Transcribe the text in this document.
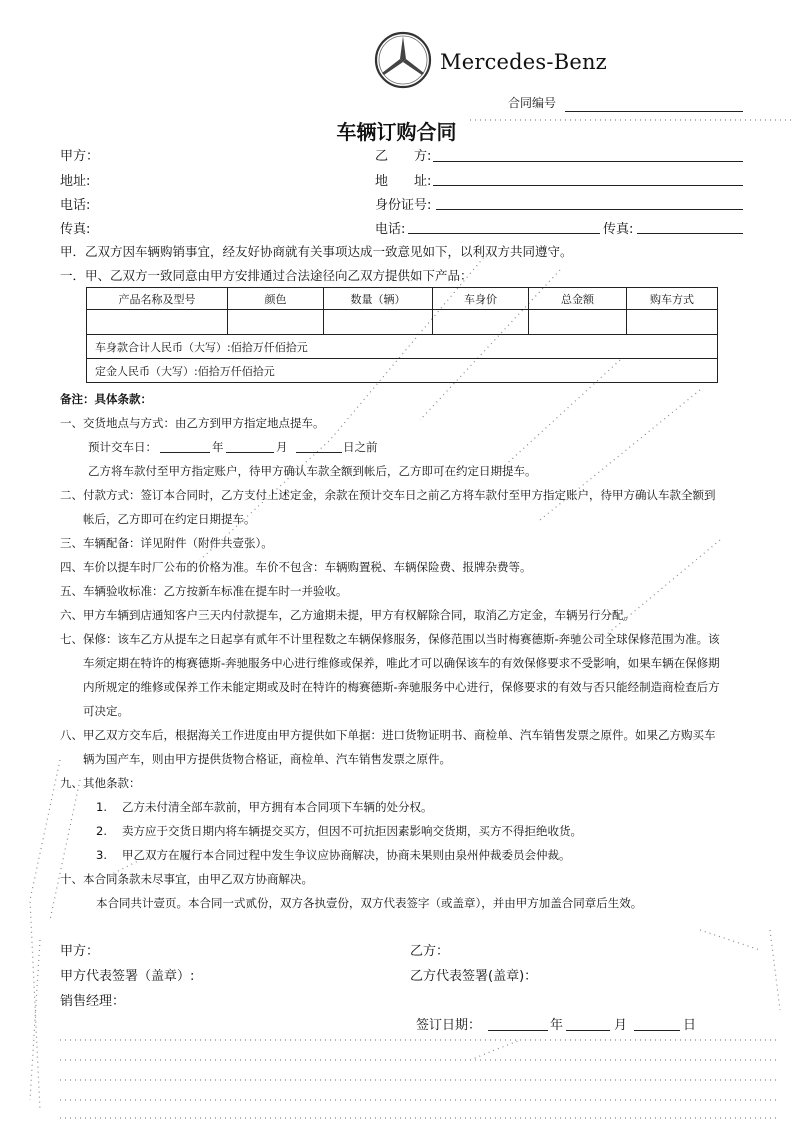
Mercedes-Benz
合同编号
车辆订购合同
甲方：	乙　　方:
地址:	地　　址:
电话:	身份证号:
传真:	电话:	传真:
甲．乙双方因车辆购销事宜，经友好协商就有关事项达成一致意见如下，以利双方共同遵守。
一．甲、乙双方一致同意由甲方安排通过合法途径向乙双方提供如下产品：
产品名称及型号	颜色	数量（辆）	车身价	总金额	购车方式

车身款合计人民币（大写）:佰拾万仟佰拾元					
定金人民币（大写）:佰拾万仟佰拾元					
备注：具体条款：
一、交货地点与方式：由乙方到甲方指定地点提车。
预计交车日：	年	月	日之前
乙方将车款付至甲方指定账户，待甲方确认车款全额到帐后，乙方即可在约定日期提车。
二、付款方式：签订本合同时，乙方支付上述定金，余款在预计交车日之前乙方将车款付至甲方指定账户，待甲方确认车款全额到
帐后，乙方即可在约定日期提车。
三、车辆配备：详见附件（附件共壹张）。
四、车价以提车时厂公布的价格为准。车价不包含：车辆购置税、车辆保险费、报牌杂费等。
五、车辆验收标准：乙方按新车标准在提车时一并验收。
六、甲方车辆到店通知客户三天内付款提车，乙方逾期未提，甲方有权解除合同，取消乙方定金，车辆另行分配。
七、保修：该车乙方从提车之日起享有贰年不计里程数之车辆保修服务，保修范围以当时梅赛德斯-奔驰公司全球保修范围为准。该
车须定期在特许的梅赛德斯-奔驰服务中心进行维修或保养，唯此才可以确保该车的有效保修要求不受影响，如果车辆在保修期
内所规定的维修或保养工作未能定期或及时在特许的梅赛德斯-奔驰服务中心进行，保修要求的有效与否只能经制造商检查后方
可决定。
八、甲乙双方交车后，根据海关工作进度由甲方提供如下单据：进口货物证明书、商检单、汽车销售发票之原件。如果乙方购买车
辆为国产车，则由甲方提供货物合格证，商检单、汽车销售发票之原件。
九、其他条款：
1. 乙方未付清全部车款前，甲方拥有本合同项下车辆的处分权。
2. 卖方应于交货日期内将车辆提交买方，但因不可抗拒因素影响交货期，买方不得拒绝收货。
3. 甲乙双方在履行本合同过程中发生争议应协商解决，协商未果则由泉州仲裁委员会仲裁。
十、本合同条款未尽事宜，由甲乙双方协商解决。
本合同共计壹页。本合同一式贰份，双方各执壹份，双方代表签字（或盖章），并由甲方加盖合同章后生效。
甲方：	乙方：
甲方代表签署（盖章）:	乙方代表签署(盖章)：
销售经理：
签订日期：	年	月	日
